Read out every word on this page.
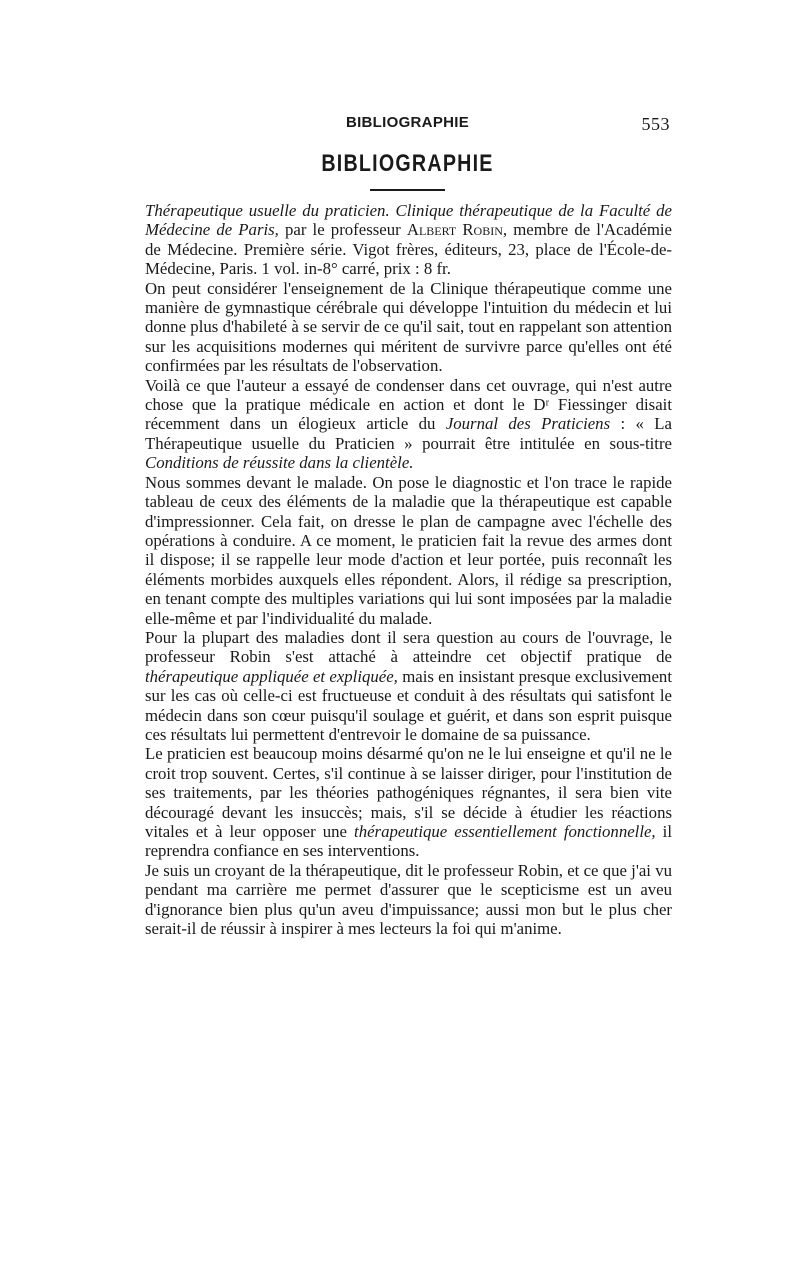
BIBLIOGRAPHIE	553
BIBLIOGRAPHIE

Thérapeutique usuelle du praticien. Clinique thérapeutique de la Faculté de Médecine de Paris, par le professeur Albert Robin, membre de l'Académie de Médecine. Première série. Vigot frères, éditeurs, 23, place de l'École-de-Médecine, Paris. 1 vol. in-8° carré, prix : 8 fr.

On peut considérer l'enseignement de la Clinique thérapeutique comme une manière de gymnastique cérébrale qui développe l'intuition du médecin et lui donne plus d'habileté à se servir de ce qu'il sait, tout en rappelant son attention sur les acquisitions modernes qui méritent de survivre parce qu'elles ont été confirmées par les résultats de l'observation.

Voilà ce que l'auteur a essayé de condenser dans cet ouvrage, qui n'est autre chose que la pratique médicale en action et dont le Dʳ Fiessinger disait récemment dans un élogieux article du Journal des Praticiens : « La Thérapeutique usuelle du Praticien » pourrait être intitulée en sous-titre Conditions de réussite dans la clientèle.

Nous sommes devant le malade. On pose le diagnostic et l'on trace le rapide tableau de ceux des éléments de la maladie que la thérapeutique est capable d'impressionner. Cela fait, on dresse le plan de campagne avec l'échelle des opérations à conduire. A ce moment, le praticien fait la revue des armes dont il dispose; il se rappelle leur mode d'action et leur portée, puis reconnaît les éléments morbides auxquels elles répondent. Alors, il rédige sa prescription, en tenant compte des multiples variations qui lui sont imposées par la maladie elle-même et par l'individualité du malade.

Pour la plupart des maladies dont il sera question au cours de l'ouvrage, le professeur Robin s'est attaché à atteindre cet objectif pratique de thérapeutique appliquée et expliquée, mais en insistant presque exclusivement sur les cas où celle-ci est fructueuse et conduit à des résultats qui satisfont le médecin dans son cœur puisqu'il soulage et guérit, et dans son esprit puisque ces résultats lui permettent d'entrevoir le domaine de sa puissance.

Le praticien est beaucoup moins désarmé qu'on ne le lui enseigne et qu'il ne le croit trop souvent. Certes, s'il continue à se laisser diriger, pour l'institution de ses traitements, par les théories pathogéniques régnantes, il sera bien vite découragé devant les insuccès; mais, s'il se décide à étudier les réactions vitales et à leur opposer une thérapeutique essentiellement fonctionnelle, il reprendra confiance en ses interventions.

Je suis un croyant de la thérapeutique, dit le professeur Robin, et ce que j'ai vu pendant ma carrière me permet d'assurer que le scepticisme est un aveu d'ignorance bien plus qu'un aveu d'impuissance; aussi mon but le plus cher serait-il de réussir à inspirer à mes lecteurs la foi qui m'anime.
